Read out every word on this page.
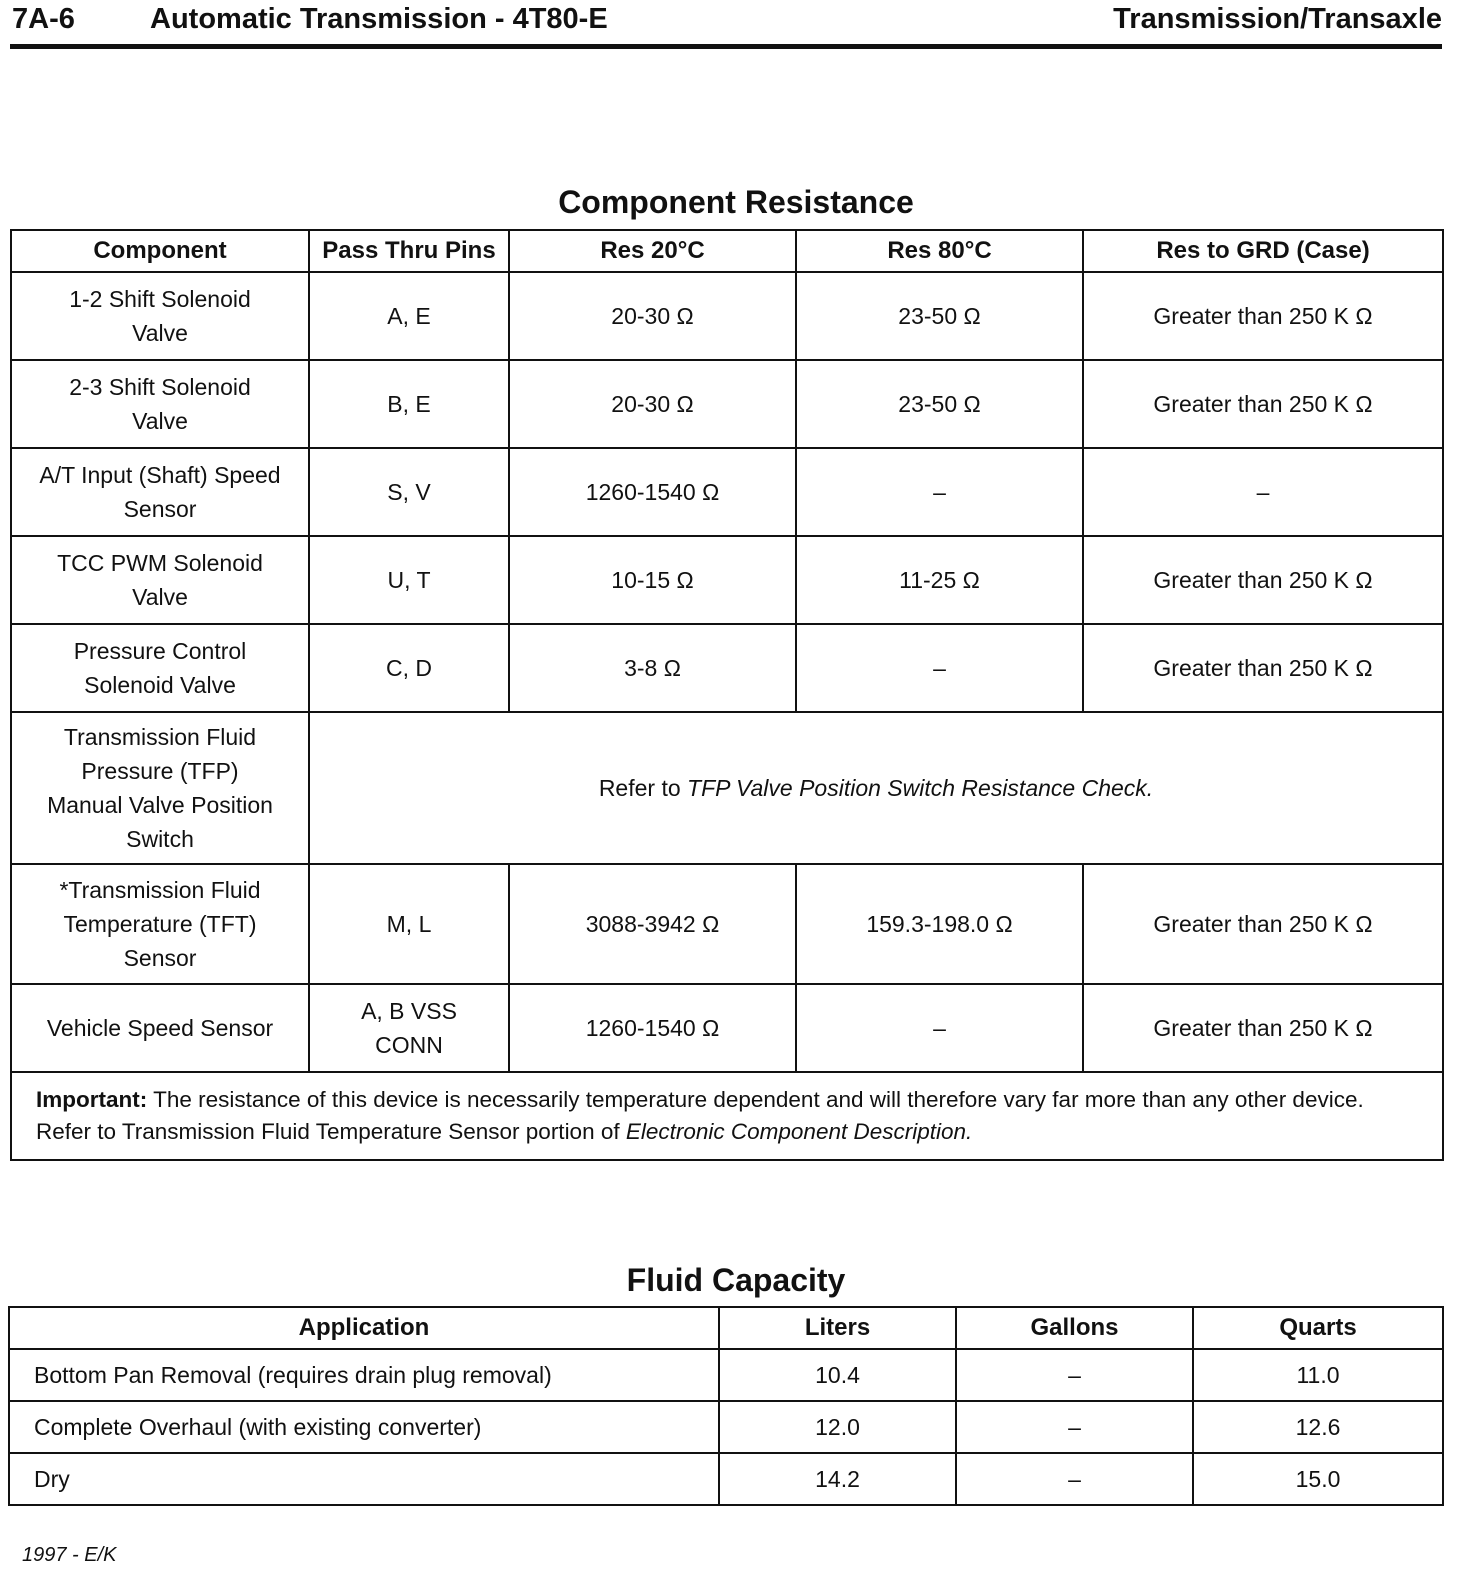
7A-6	Automatic Transmission - 4T80-E	Transmission/Transaxle
Component Resistance
Component	Pass Thru Pins	Res 20°C	Res 80°C	Res to GRD (Case)

1-2 Shift Solenoid
Valve	A, E	20-30 Ω	23-50 Ω	Greater than 250 K Ω

2-3 Shift Solenoid
Valve	B, E	20-30 Ω	23-50 Ω	Greater than 250 K Ω

A/T Input (Shaft) Speed
Sensor	S, V	1260-1540 Ω	–	–

TCC PWM Solenoid
Valve	U, T	10-15 Ω	11-25 Ω	Greater than 250 K Ω

Pressure Control
Solenoid Valve	C, D	3-8 Ω	–	Greater than 250 K Ω

Transmission Fluid
Pressure (TFP)
Manual Valve Position
Switch	Refer to TFP Valve Position Switch Resistance Check.			

*Transmission Fluid
Temperature (TFT)
Sensor	M, L	3088-3942 Ω	159.3-198.0 Ω	Greater than 250 K Ω
Vehicle Speed Sensor	A, B VSS
CONN	1260-1540 Ω	–	Greater than 250 K Ω
Important: The resistance of this device is necessarily temperature dependent and will therefore vary far more than any other device. Refer to Transmission Fluid Temperature Sensor portion of Electronic Component Description.				
Fluid Capacity
Application	Liters	Gallons	Quarts
Bottom Pan Removal (requires drain plug removal)	10.4	–	11.0
Complete Overhaul (with existing converter)	12.0	–	12.6
Dry	14.2	–	15.0
1997 - E/K
